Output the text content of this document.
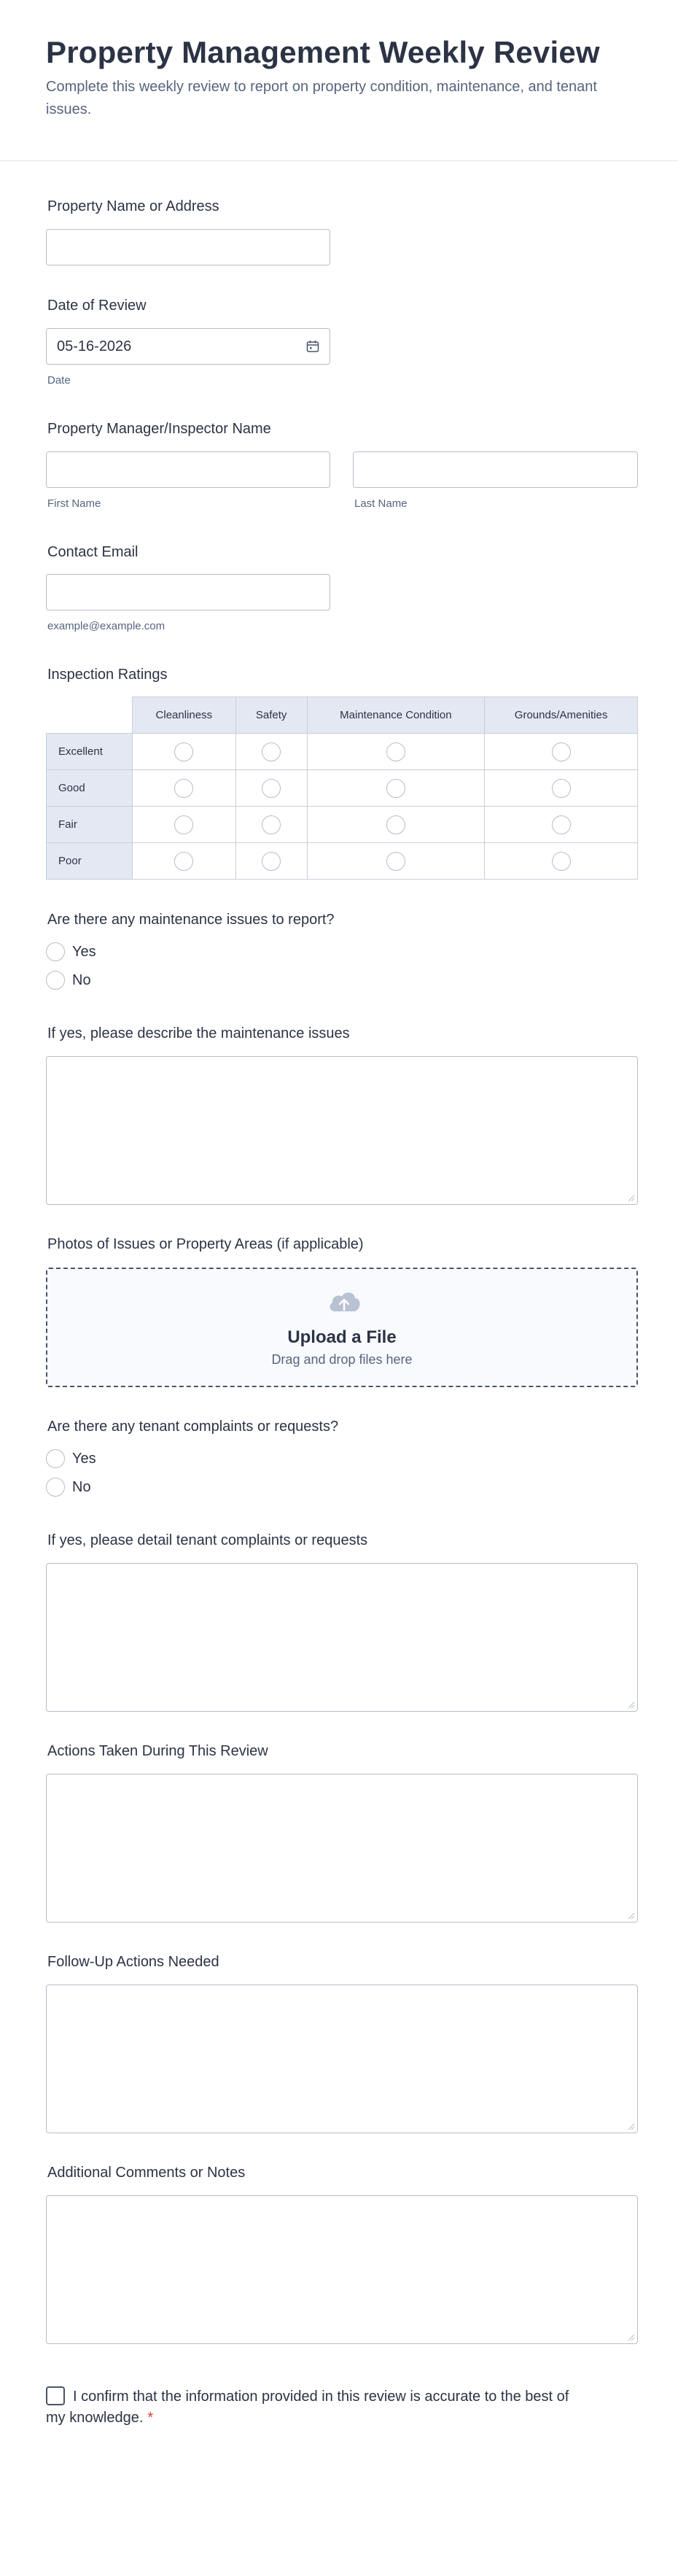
Property Management Weekly Review

Complete this weekly review to report on property condition, maintenance, and tenant issues.

Property Name or Address
Date of Review
05-16-2026
Date
Property Manager/Inspector Name
First Name	Last Name
Contact Email
example@example.com
Inspection Ratings
	Cleanliness	Safety	Maintenance Condition	Grounds/Amenities
Excellent				
Good				
Fair				
Poor				
Are there any maintenance issues to report?
Yes
No
If yes, please describe the maintenance issues
Photos of Issues or Property Areas (if applicable)
Upload a File
Drag and drop files here
Are there any tenant complaints or requests?
Yes
No
If yes, please detail tenant complaints or requests
Actions Taken During This Review
Follow-Up Actions Needed
Additional Comments or Notes
I confirm that the information provided in this review is accurate to the best of my knowledge. *
